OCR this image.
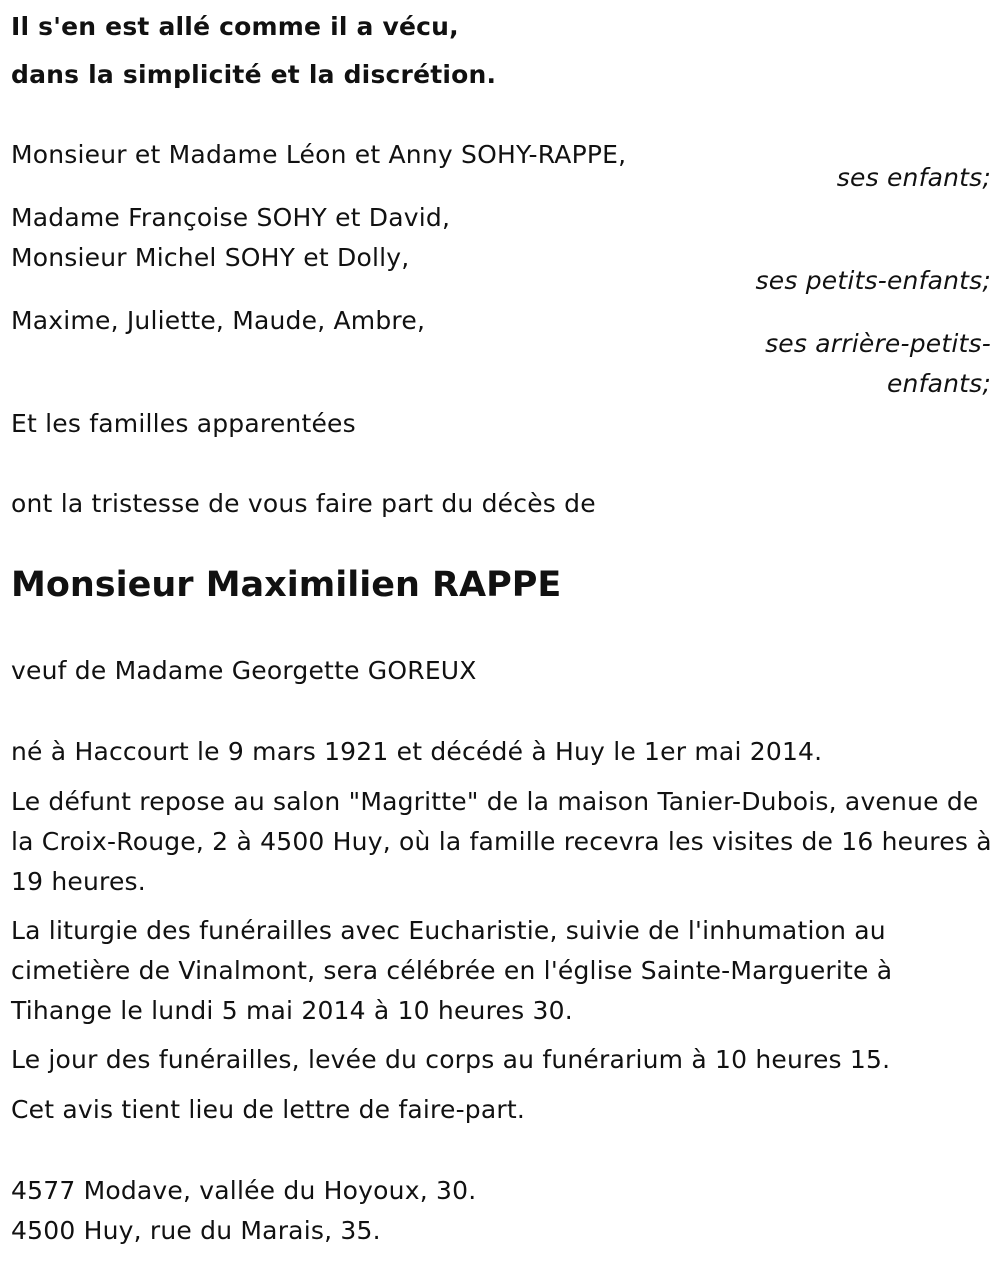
Il s'en est allé comme il a vécu,
dans la simplicité et la discrétion.
Monsieur et Madame Léon et Anny SOHY-RAPPE,
ses enfants;
Madame Françoise SOHY et David,
Monsieur Michel SOHY et Dolly,
ses petits-enfants;
Maxime, Juliette, Maude, Ambre,
ses arrière-petits-
enfants;
Et les familles apparentées
ont la tristesse de vous faire part du décès de
Monsieur Maximilien RAPPE
veuf de Madame Georgette GOREUX
né à Haccourt le 9 mars 1921 et décédé à Huy le 1er mai 2014.
Le défunt repose au salon "Magritte" de la maison Tanier-Dubois, avenue de la Croix-Rouge, 2 à 4500 Huy, où la famille recevra les visites de 16 heures à 19 heures.
La liturgie des funérailles avec Eucharistie, suivie de l'inhumation au cimetière de Vinalmont, sera célébrée en l'église Sainte-Marguerite à Tihange le lundi 5 mai 2014 à 10 heures 30.
Le jour des funérailles, levée du corps au funérarium à 10 heures 15.
Cet avis tient lieu de lettre de faire-part.
4577 Modave, vallée du Hoyoux, 30.
4500 Huy, rue du Marais, 35.
